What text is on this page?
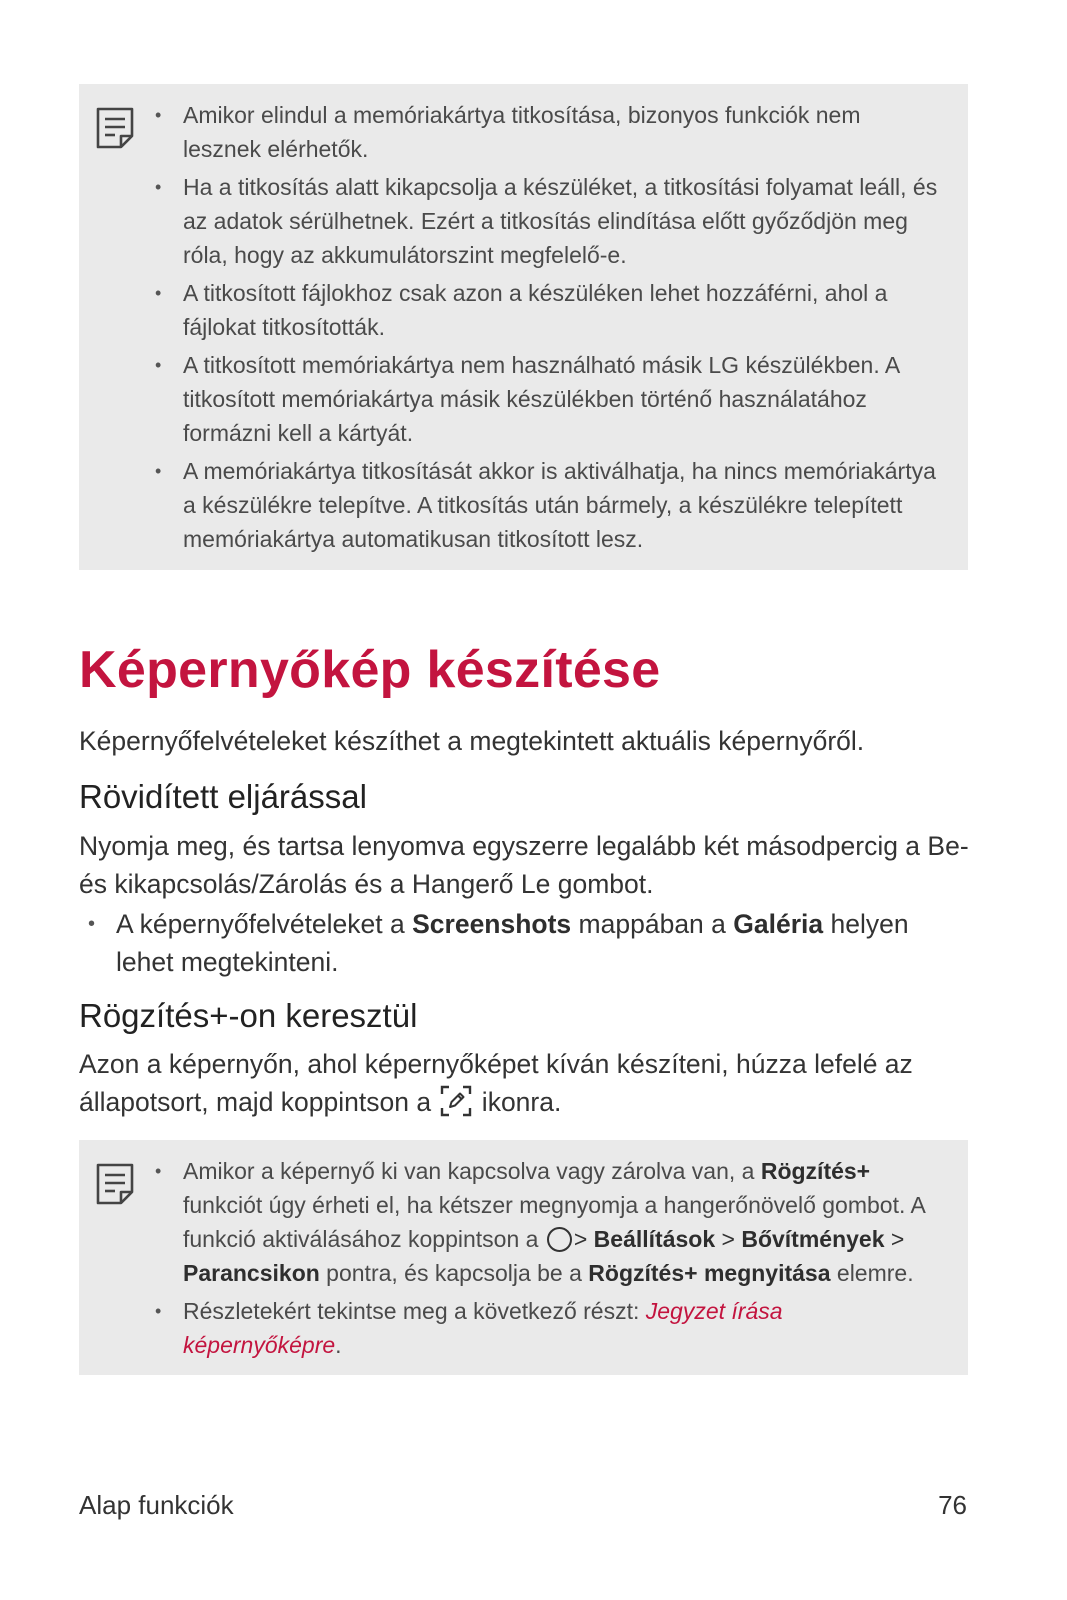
• Amikor elindul a memóriakártya titkosítása, bizonyos funkciók nem lesznek elérhetők.
• Ha a titkosítás alatt kikapcsolja a készüléket, a titkosítási folyamat leáll, és az adatok sérülhetnek. Ezért a titkosítás elindítása előtt győződjön meg róla, hogy az akkumulátorszint megfelelő-e.
• A titkosított fájlokhoz csak azon a készüléken lehet hozzáférni, ahol a fájlokat titkosították.
• A titkosított memóriakártya nem használható másik LG készülékben. A titkosított memóriakártya másik készülékben történő használatához formázni kell a kártyát.
• A memóriakártya titkosítását akkor is aktiválhatja, ha nincs memóriakártya a készülékre telepítve. A titkosítás után bármely, a készülékre telepített memóriakártya automatikusan titkosított lesz.
Képernyőkép készítése

Képernyőfelvételeket készíthet a megtekintett aktuális képernyőről.

Rövidített eljárással

Nyomja meg, és tartsa lenyomva egyszerre legalább két másodpercig a Be- és kikapcsolás/Zárolás és a Hangerő Le gombot.

• A képernyőfelvételeket a Screenshots mappában a Galéria helyen lehet megtekinteni.

Rögzítés+-on keresztül

Azon a képernyőn, ahol képernyőképet kíván készíteni, húzza lefelé az állapotsort, majd koppintson a  ikonra.

• Amikor a képernyő ki van kapcsolva vagy zárolva van, a Rögzítés+ funkciót úgy érheti el, ha kétszer megnyomja a hangerőnövelő gombot. A funkció aktiválásához koppintson a > Beállítások > Bővítmények > Parancsikon pontra, és kapcsolja be a Rögzítés+ megnyitása elemre.
• Részletekért tekintse meg a következő részt: Jegyzet írása képernyőképre.

Alap funkciók	76
